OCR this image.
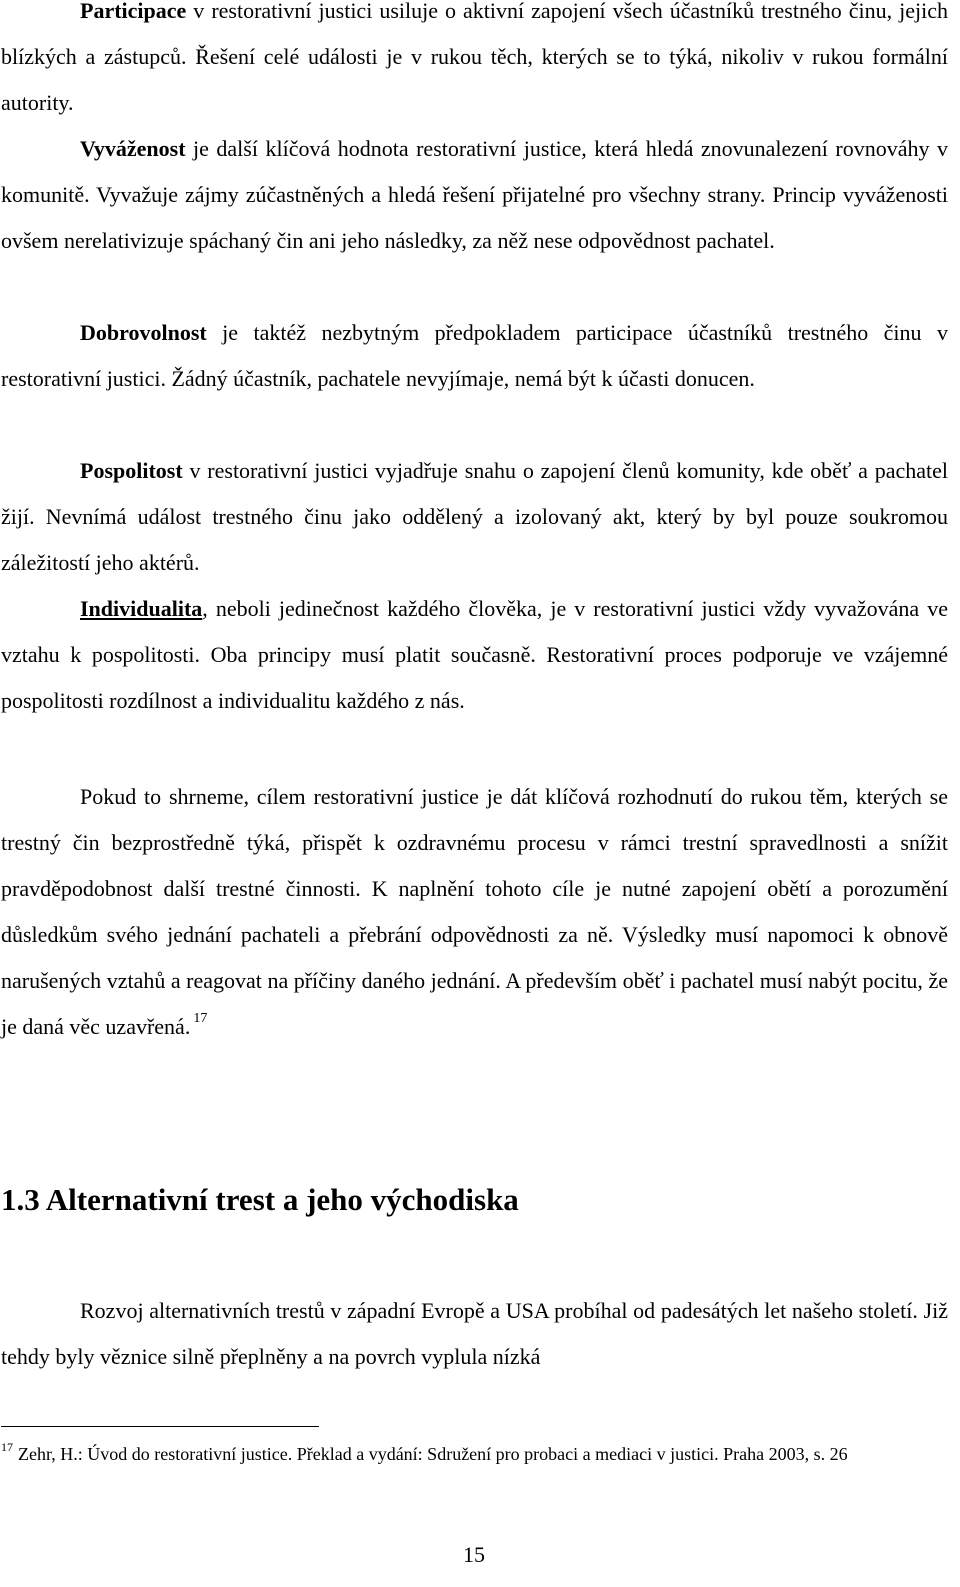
Participace v restorativní justici usiluje o aktivní zapojení všech účastníků trestného činu, jejich blízkých a zástupců. Řešení celé události je v rukou těch, kterých se to týká, nikoliv v rukou formální autority.

Vyváženost je další klíčová hodnota restorativní justice, která hledá znovunalezení rovnováhy v komunitě. Vyvažuje zájmy zúčastněných a hledá řešení přijatelné pro všechny strany. Princip vyváženosti ovšem nerelativizuje spáchaný čin ani jeho následky, za něž nese odpovědnost pachatel.

Dobrovolnost je taktéž nezbytným předpokladem participace účastníků trestného činu v restorativní justici. Žádný účastník, pachatele nevyjímaje, nemá být k účasti donucen.

Pospolitost v restorativní justici vyjadřuje snahu o zapojení členů komunity, kde oběť a pachatel žijí. Nevnímá událost trestného činu jako oddělený a izolovaný akt, který by byl pouze soukromou záležitostí jeho aktérů.

Individualita, neboli jedinečnost každého člověka, je v restorativní justici vždy vyvažována ve vztahu k pospolitosti. Oba principy musí platit současně. Restorativní proces podporuje ve vzájemné pospolitosti rozdílnost a individualitu každého z nás.

Pokud to shrneme, cílem restorativní justice je dát klíčová rozhodnutí do rukou těm, kterých se trestný čin bezprostředně týká, přispět k ozdravnému procesu v rámci trestní spravedlnosti a snížit pravděpodobnost další trestné činnosti. K naplnění tohoto cíle je nutné zapojení obětí a porozumění důsledkům svého jednání pachateli a přebrání odpovědnosti za ně. Výsledky musí napomoci k obnově narušených vztahů a reagovat na příčiny daného jednání. A především oběť i pachatel musí nabýt pocitu, že je daná věc uzavřená. $^{17}$

1.3 Alternativní trest a jeho východiska

Rozvoj alternativních trestů v západní Evropě a USA probíhal od padesátých let našeho století. Již tehdy byly věznice silně přeplněny a na povrch vyplula nízká

$^{17}$ Zehr, H.: Úvod do restorativní justice. Překlad a vydání: Sdružení pro probaci a mediaci v justici. Praha 2003, s. 26

15
